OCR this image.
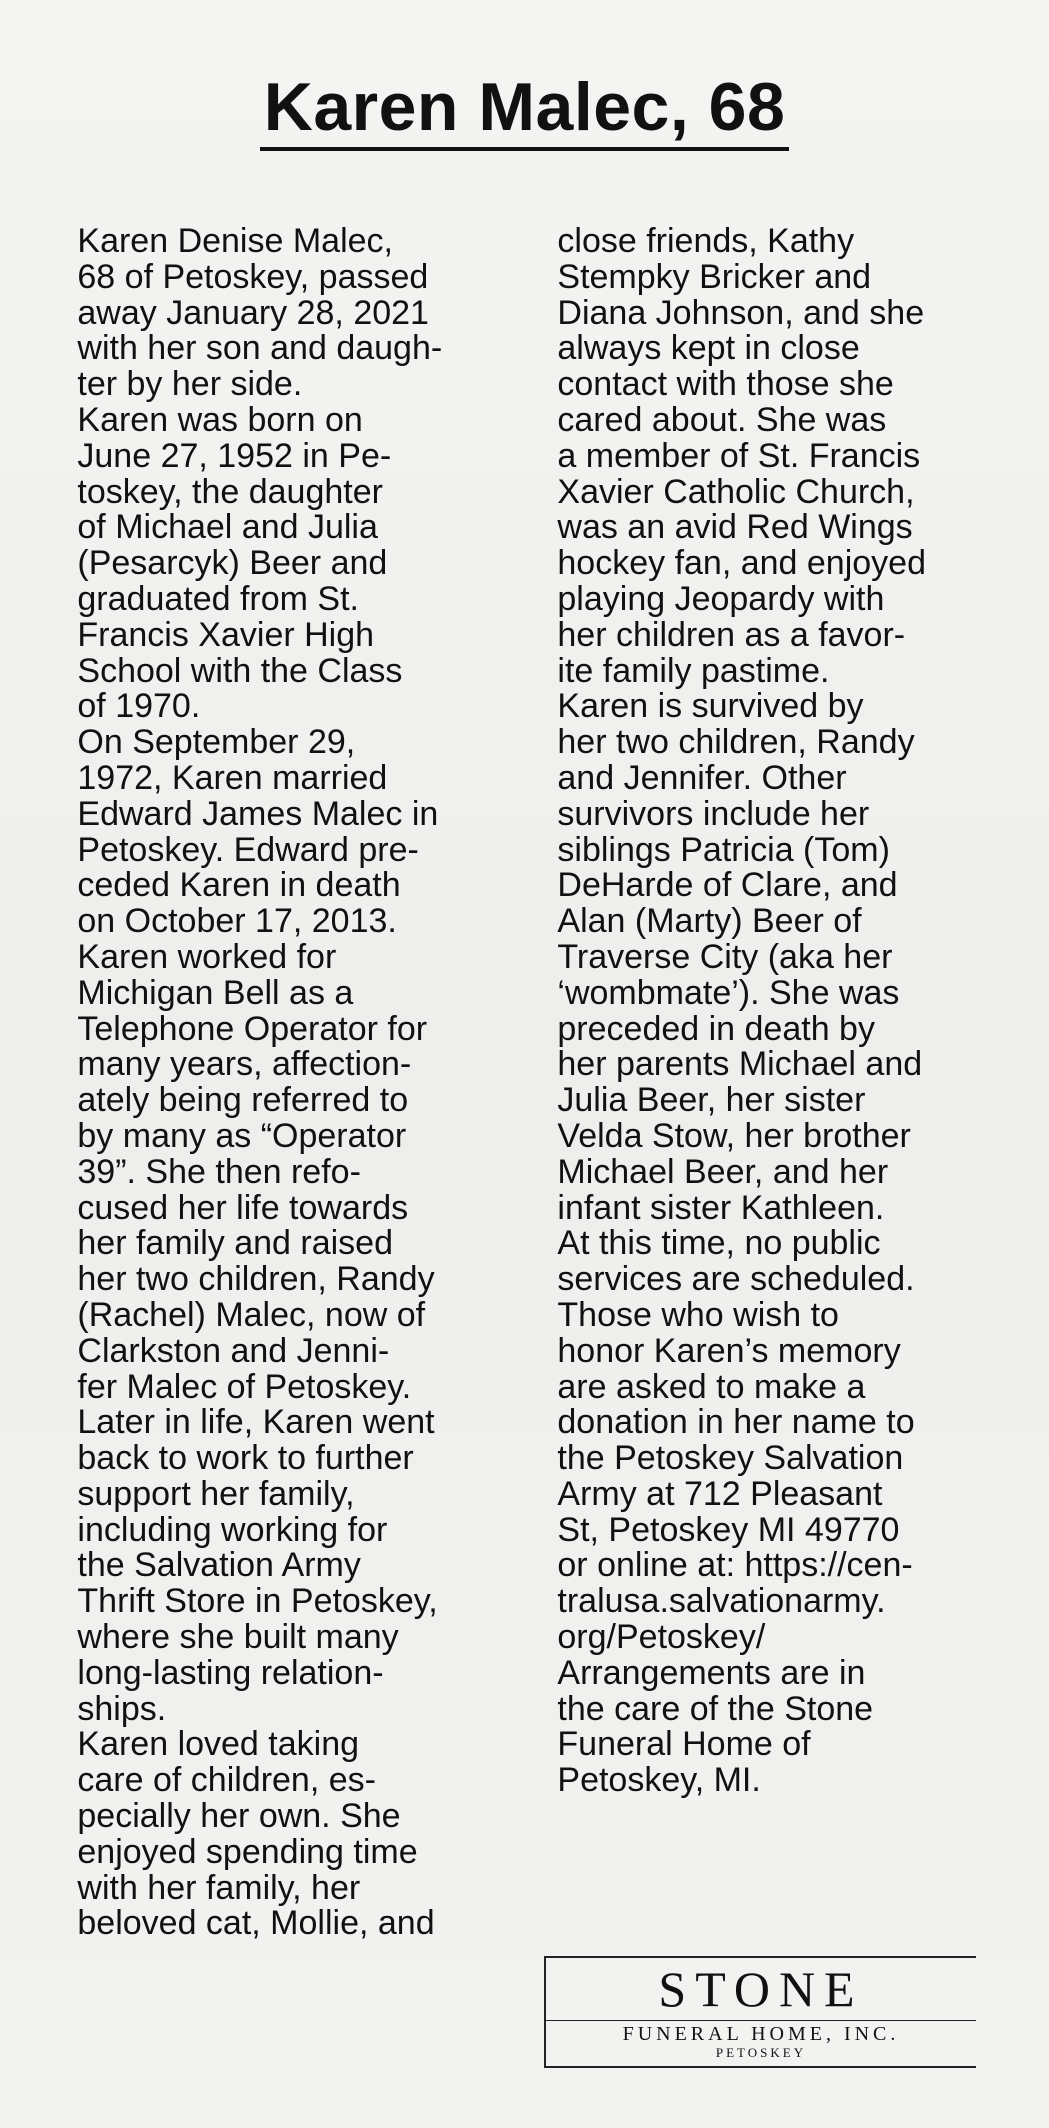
Karen Malec, 68

Karen Denise Malec,
68 of Petoskey, passed
away January 28, 2021
with her son and daugh-
ter by her side.

Karen was born on
June 27, 1952 in Pe-
toskey, the daughter
of Michael and Julia
(Pesarcyk) Beer and
graduated from St.
Francis Xavier High
School with the Class
of 1970.

On September 29,
1972, Karen married
Edward James Malec in
Petoskey. Edward pre-
ceded Karen in death
on October 17, 2013.

Karen worked for
Michigan Bell as a
Telephone Operator for
many years, affection-
ately being referred to
by many as “Operator
39”. She then refo-
cused her life towards
her family and raised
her two children, Randy
(Rachel) Malec, now of
Clarkston and Jenni-
fer Malec of Petoskey.
Later in life, Karen went
back to work to further
support her family,
including working for
the Salvation Army
Thrift Store in Petoskey,
where she built many
long-lasting relation-
ships.

Karen loved taking
care of children, es-
pecially her own. She
enjoyed spending time
with her family, her
beloved cat, Mollie, and

close friends, Kathy
Stempky Bricker and
Diana Johnson, and she
always kept in close
contact with those she
cared about. She was
a member of St. Francis
Xavier Catholic Church,
was an avid Red Wings
hockey fan, and enjoyed
playing Jeopardy with
her children as a favor-
ite family pastime.

Karen is survived by
her two children, Randy
and Jennifer. Other
survivors include her
siblings Patricia (Tom)
DeHarde of Clare, and
Alan (Marty) Beer of
Traverse City (aka her
‘wombmate’). She was
preceded in death by
her parents Michael and
Julia Beer, her sister
Velda Stow, her brother
Michael Beer, and her
infant sister Kathleen.

At this time, no public
services are scheduled.
Those who wish to
honor Karen’s memory
are asked to make a
donation in her name to
the Petoskey Salvation
Army at 712 Pleasant
St, Petoskey MI 49770
or online at: https://cen-
tralusa.salvationarmy.
org/Petoskey/

Arrangements are in
the care of the Stone
Funeral Home of
Petoskey, MI.

STONE
FUNERAL HOME, INC.
PETOSKEY
